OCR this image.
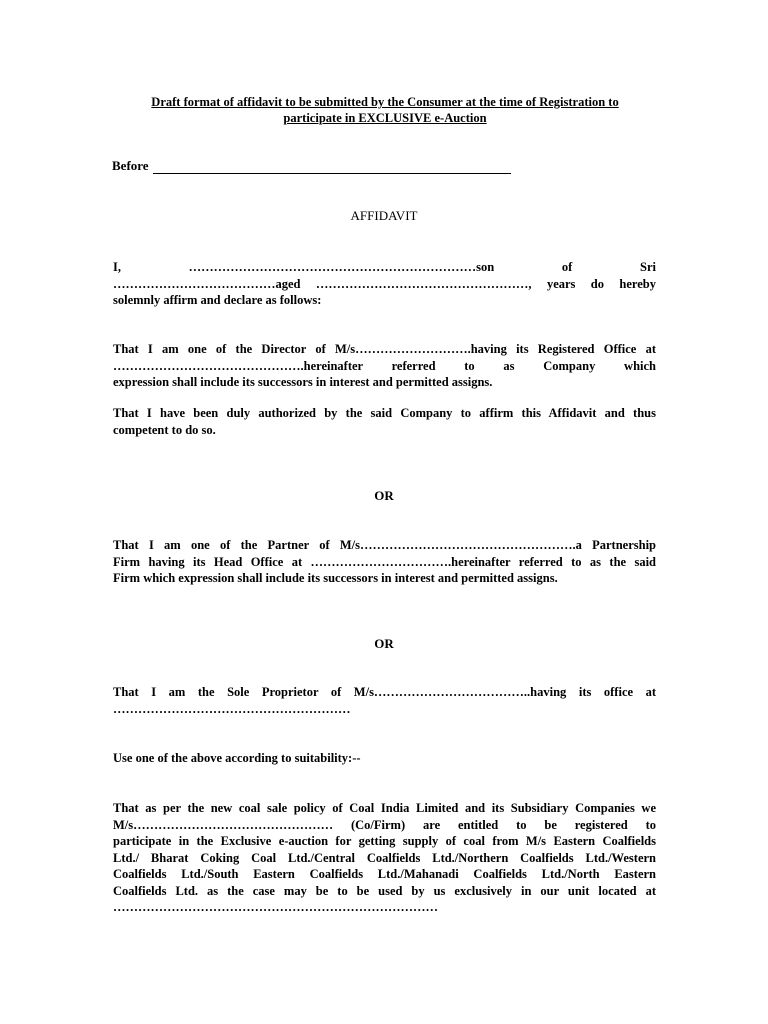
Draft format of affidavit to be submitted by the Consumer at the time of Registration to

participate in EXCLUSIVE e-Auction

Before

AFFIDAVIT

I,	……………………………………………………………son	of	Sri
…………………………………aged ……………………………………………, years do hereby
solemnly affirm and declare as follows:
That I am one of the Director of M/s……………………….having its Registered Office at
……………………………………….hereinafter referred to as Company which
expression shall include its successors in interest and permitted assigns.
That I have been duly authorized by the said Company to affirm this Affidavit and thus
competent to do so.

OR

That I am one of the Partner of M/s…………………………………………….a Partnership
Firm having its Head Office at …………………………….hereinafter referred to as the said
Firm which expression shall include its successors in interest and permitted assigns.

OR

That I am the Sole Proprietor of M/s………………………………..having its office at
…………………………………………………
Use one of the above according to suitability:--
That as per the new coal sale policy of Coal India Limited and its Subsidiary Companies we
M/s………………………………………… (Co/Firm) are entitled to be registered to
participate in the Exclusive e-auction for getting supply of coal from M/s Eastern Coalfields
Ltd./ Bharat Coking Coal Ltd./Central Coalfields Ltd./Northern Coalfields Ltd./Western
Coalfields Ltd./South Eastern Coalfields Ltd./Mahanadi Coalfields Ltd./North Eastern
Coalfields Ltd. as the case may be to be used by us exclusively in our unit located at
……………………………………………………………………
